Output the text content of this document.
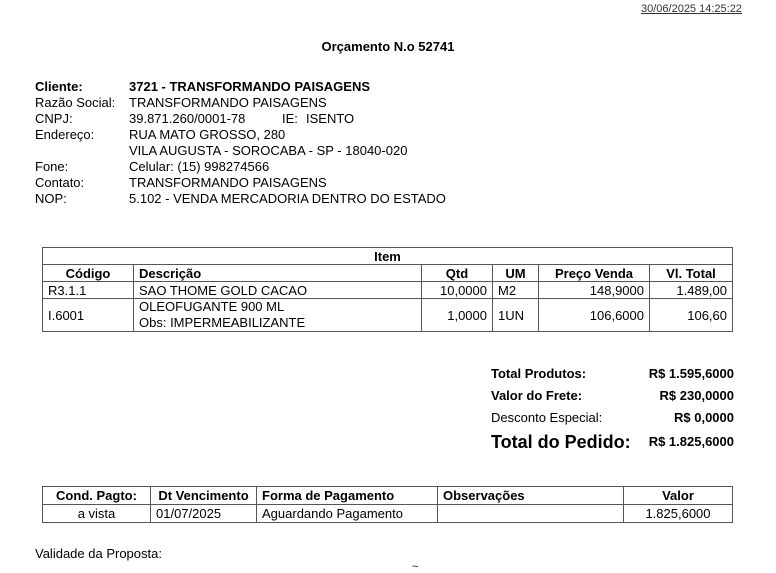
30/06/2025 14:25:22
Orçamento N.o 52741
Cliente:	3721 - TRANSFORMANDO PAISAGENS
Razão Social: TRANSFORMANDO PAISAGENS
CNPJ:	39.871.260/0001-78	IE: ISENTO
Endereço:	RUA MATO GROSSO, 280
VILA AUGUSTA - SOROCABA - SP - 18040-020
Fone:	Celular: (15) 998274566
Contato:	TRANSFORMANDO PAISAGENS
NOP:	5.102 - VENDA MERCADORIA DENTRO DO ESTADO
Item					
Código	Descrição	Qtd	UM	Preço Venda	Vl. Total
R3.1.1	SAO THOME GOLD CACAO	10,0000	M2	148,9000	1.489,00
I.6001	OLEOFUGANTE 900 ML
Obs: IMPERMEABILIZANTE	1,0000	1UN	106,6000	106,60
Total Produtos:	R$ 1.595,6000
Valor do Frete:	R$ 230,0000
Desconto Especial:	R$ 0,0000
Total do Pedido: R$ 1.825,6000
Cond. Pagto:	Dt Vencimento	Forma de Pagamento	Observações	Valor
a vista	01/07/2025	Aguardando Pagamento		1.825,6000
Validade da Proposta:
~
